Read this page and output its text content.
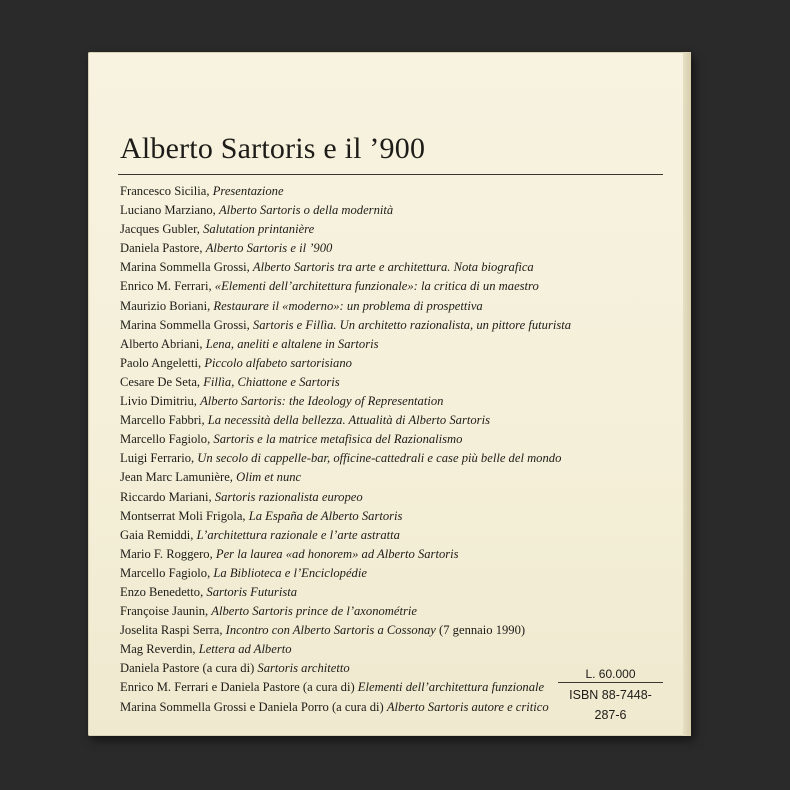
Alberto Sartoris e il ’900
Francesco Sicilia, Presentazione
Luciano Marziano, Alberto Sartoris o della modernità
Jacques Gubler, Salutation printanière
Daniela Pastore, Alberto Sartoris e il ’900
Marina Sommella Grossi, Alberto Sartoris tra arte e architettura. Nota biografica
Enrico M. Ferrari, «Elementi dell’architettura funzionale»: la critica di un maestro
Maurizio Boriani, Restaurare il «moderno»: un problema di prospettiva
Marina Sommella Grossi, Sartoris e Fillìa. Un architetto razionalista, un pittore futurista
Alberto Abriani, Lena, aneliti e altalene in Sartoris
Paolo Angeletti, Piccolo alfabeto sartorisiano
Cesare De Seta, Fillìa, Chiattone e Sartoris
Livio Dimitriu, Alberto Sartoris: the Ideology of Representation
Marcello Fabbri, La necessità della bellezza. Attualità di Alberto Sartoris
Marcello Fagiolo, Sartoris e la matrice metafisica del Razionalismo
Luigi Ferrario, Un secolo di cappelle-bar, officine-cattedrali e case più belle del mondo
Jean Marc Lamunière, Olim et nunc
Riccardo Mariani, Sartoris razionalista europeo
Montserrat Moli Frigola, La España de Alberto Sartoris
Gaia Remiddi, L’architettura razionale e l’arte astratta
Mario F. Roggero, Per la laurea «ad honorem» ad Alberto Sartoris
Marcello Fagiolo, La Biblioteca e l’Enciclopédie
Enzo Benedetto, Sartoris Futurista
Françoise Jaunin, Alberto Sartoris prince de l’axonométrie
Joselita Raspi Serra, Incontro con Alberto Sartoris a Cossonay (7 gennaio 1990)
Mag Reverdin, Lettera ad Alberto
Daniela Pastore (a cura di) Sartoris architetto
Enrico M. Ferrari e Daniela Pastore (a cura di) Elementi dell’architettura funzionale
Marina Sommella Grossi e Daniela Porro (a cura di) Alberto Sartoris autore e critico
L. 60.000
ISBN 88-7448-287-6
